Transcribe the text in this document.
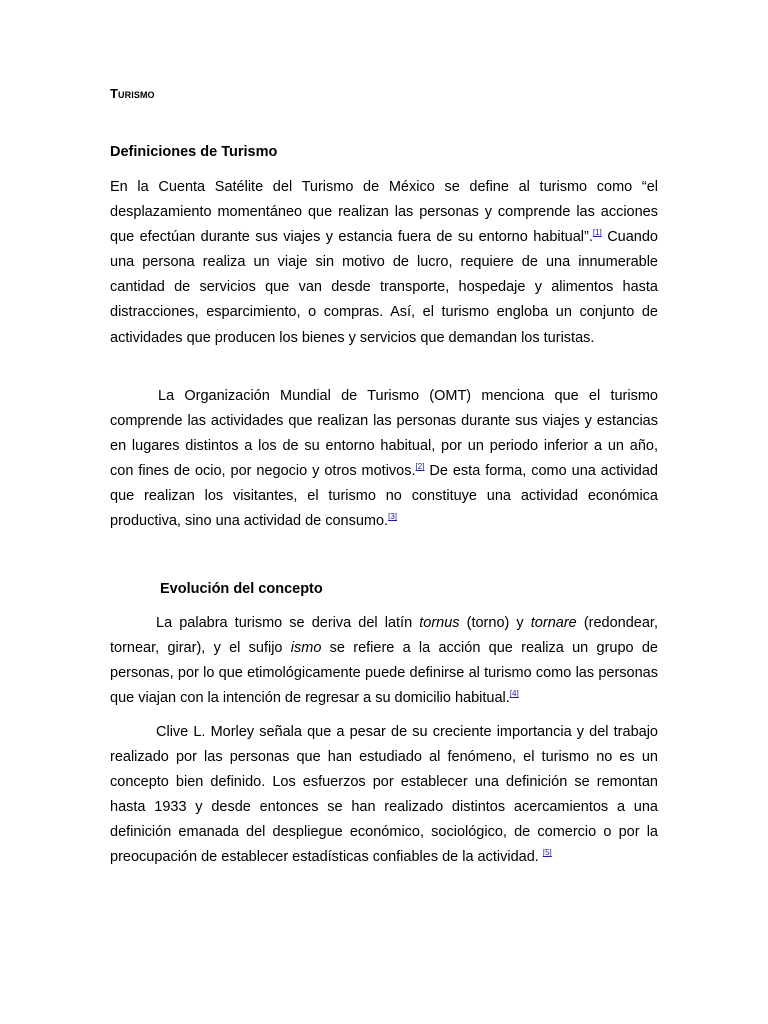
Turismo
Definiciones de Turismo

En la Cuenta Satélite del Turismo de México se define al turismo como “el desplazamiento momentáneo que realizan las personas y comprende las acciones que efectúan durante sus viajes y estancia fuera de su entorno habitual”.[1] Cuando una persona realiza un viaje sin motivo de lucro, requiere de una innumerable cantidad de servicios que van desde transporte, hospedaje y alimentos hasta distracciones, esparcimiento, o compras. Así, el turismo engloba un conjunto de actividades que producen los bienes y servicios que demandan los turistas.

La Organización Mundial de Turismo (OMT) menciona que el turismo comprende las actividades que realizan las personas durante sus viajes y estancias en lugares distintos a los de su entorno habitual, por un periodo inferior a un año, con fines de ocio, por negocio y otros motivos.[2] De esta forma, como una actividad que realizan los visitantes, el turismo no constituye una actividad económica productiva, sino una actividad de consumo.[3]

Evolución del concepto

La palabra turismo se deriva del latín tornus (torno) y tornare (redondear, tornear, girar), y el sufijo ismo se refiere a la acción que realiza un grupo de personas, por lo que etimológicamente puede definirse al turismo como las personas que viajan con la intención de regresar a su domicilio habitual.[4]

Clive L. Morley señala que a pesar de su creciente importancia y del trabajo realizado por las personas que han estudiado al fenómeno, el turismo no es un concepto bien definido. Los esfuerzos por establecer una definición se remontan hasta 1933 y desde entonces se han realizado distintos acercamientos a una definición emanada del despliegue económico, sociológico, de comercio o por la preocupación de establecer estadísticas confiables de la actividad. [5]
